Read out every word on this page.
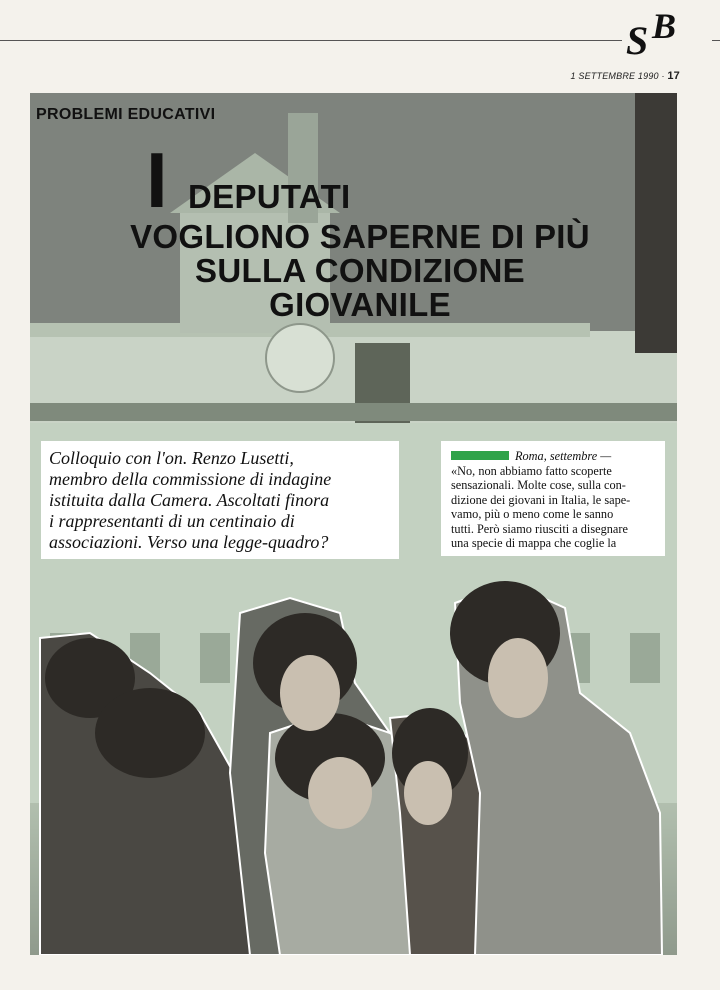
S B
1 SETTEMBRE 1990 · 17
PROBLEMI EDUCATIVI
I DEPUTATI
VOGLIONO SAPERNE DI PIÙ
SULLA CONDIZIONE
GIOVANILE
Colloquio con l'on. Renzo Lusetti,
membro della commissione di indagine
istituita dalla Camera. Ascoltati finora
i rappresentanti di un centinaio di
associazioni. Verso una legge-quadro?
Roma, settembre —
«No, non abbiamo fatto scoperte
sensazionali. Molte cose, sulla con-
dizione dei giovani in Italia, le sape-
vamo, più o meno come le sanno
tutti. Però siamo riusciti a disegnare
una specie di mappa che coglie la
